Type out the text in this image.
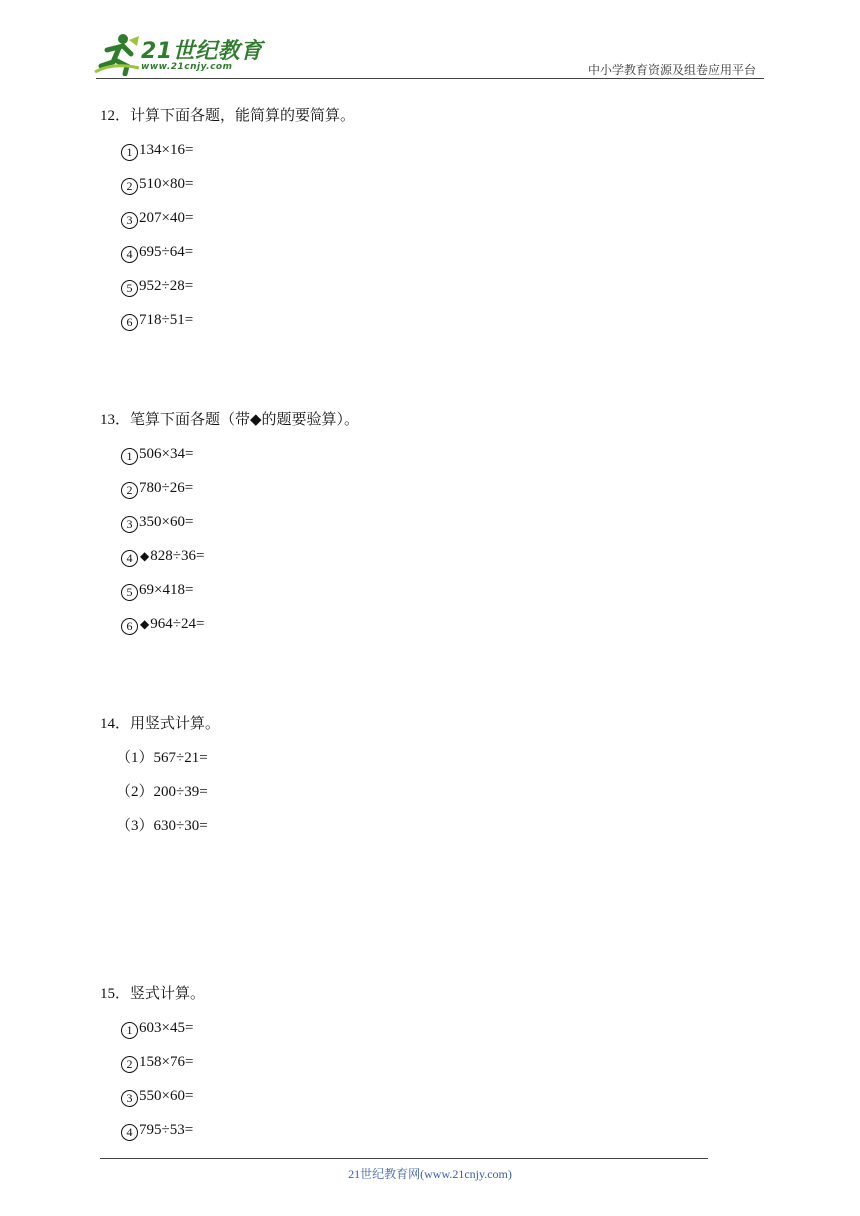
21世纪教育
www.21cnjy.com	中小学教育资源及组卷应用平台
12．计算下面各题，能简算的要简算。
1 134×16=
2 510×80=
3 207×40=
4 695÷64=
5 952÷28=
6 718÷51=
13．笔算下面各题（带◆的题要验算）。
1 506×34=
2 780÷26=
3 350×60=
4 ◆828÷36=
5 69×418=
6 ◆964÷24=
14．用竖式计算。
（1）567÷21=
（2）200÷39=
（3）630÷30=
15．竖式计算。
1 603×45=
2 158×76=
3 550×60=
4 795÷53=
21世纪教育网(www.21cnjy.com)
